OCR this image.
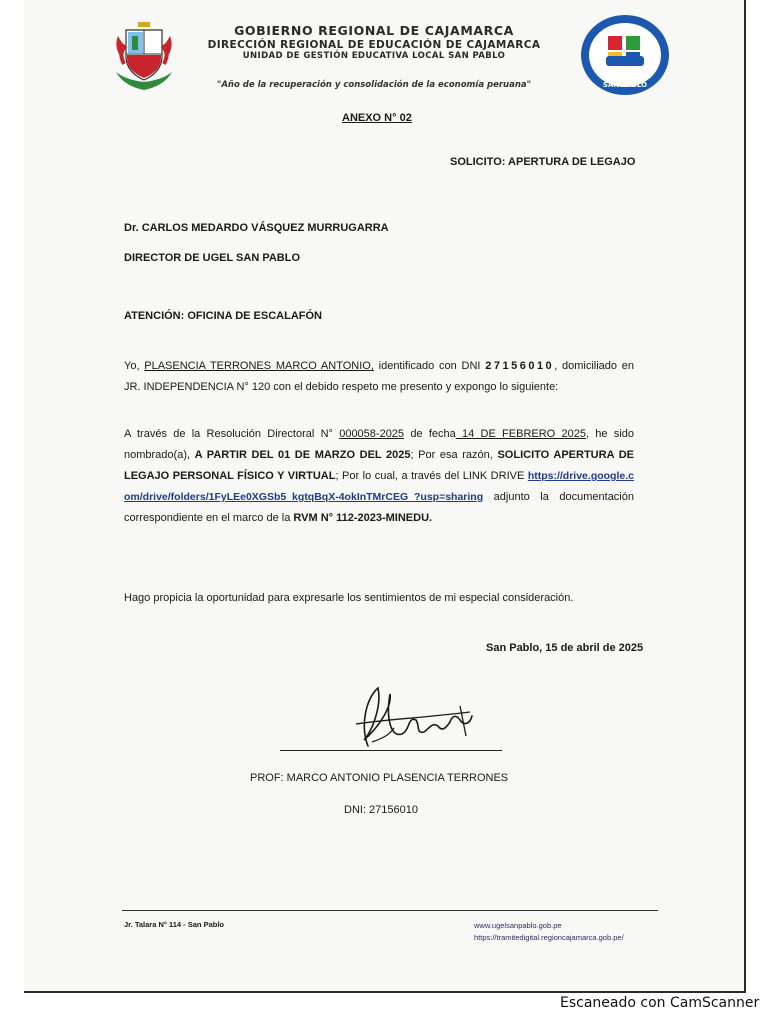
GOBIERNO REGIONAL DE CAJAMARCA
DIRECCIÓN REGIONAL DE EDUCACIÓN DE CAJAMARCA
UNIDAD DE GESTIÓN EDUCATIVA LOCAL SAN PABLO
"Año de la recuperación y consolidación de la economía peruana"	SAN PABLO
ANEXO N° 02
SOLICITO: APERTURA DE LEGAJO
Dr. CARLOS MEDARDO VÁSQUEZ MURRUGARRA
DIRECTOR DE UGEL SAN PABLO
ATENCIÓN: OFICINA DE ESCALAFÓN
Yo, PLASENCIA TERRONES MARCO ANTONIO, identificado con DNI 27156010, domiciliado en JR. INDEPENDENCIA N° 120 con el debido respeto me presento y expongo lo siguiente:
A través de la Resolución Directoral N° 000058-2025 de fecha 14 DE FEBRERO 2025, he sido nombrado(a), A PARTIR DEL 01 DE MARZO DEL 2025; Por esa razón, SOLICITO APERTURA DE LEGAJO PERSONAL FÍSICO Y VIRTUAL; Por lo cual, a través del LINK DRIVE https://drive.google.com/drive/folders/1FyLEe0XGSb5_kgtqBqX-4okInTMrCEG_?usp=sharing adjunto la documentación correspondiente en el marco de la RVM N° 112-2023-MINEDU.
Hago propicia la oportunidad para expresarle los sentimientos de mi especial consideración.
San Pablo, 15 de abril de 2025
PROF: MARCO ANTONIO PLASENCIA TERRONES
DNI: 27156010
Jr. Talara N° 114 - San Pablo	www.ugelsanpablo.gob.pe
https://tramitedigital.regioncajamarca.gob.pe/
Escaneado con CamScanner
